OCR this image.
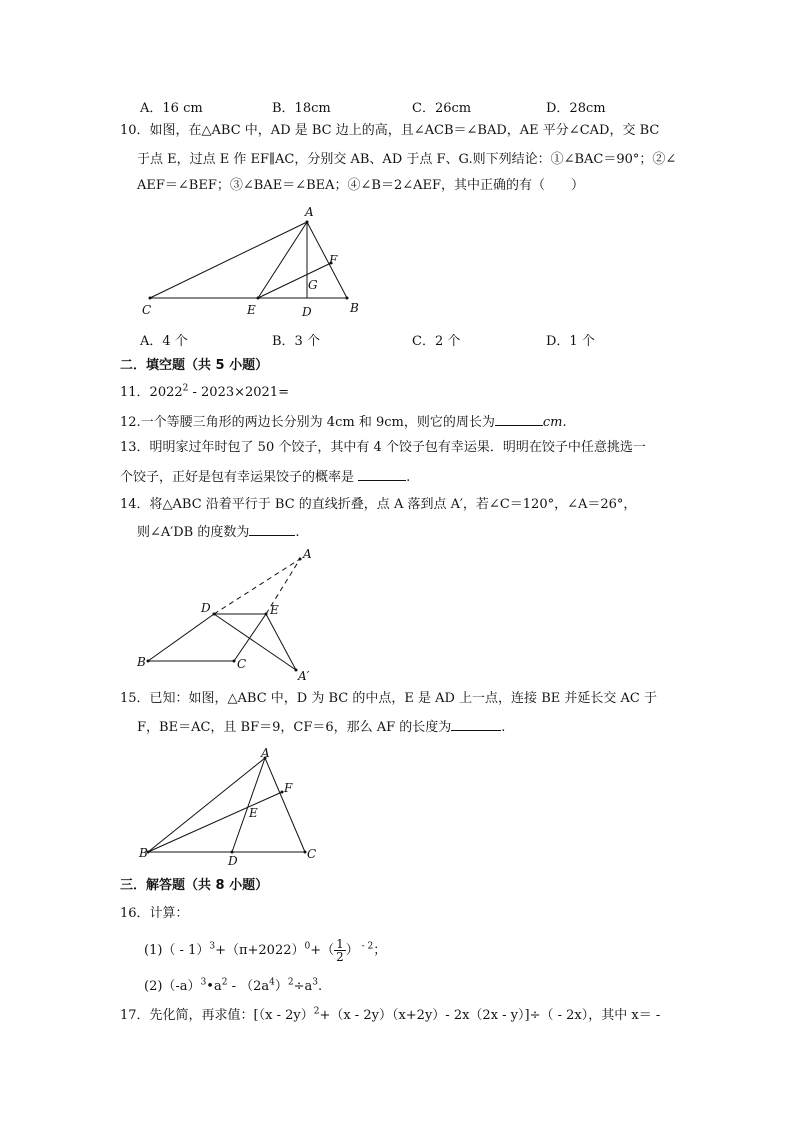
A．16 cm	B．18cm	C．26cm	D．28cm
10．如图，在△ABC 中，AD 是 BC 边上的高，且∠ACB＝∠BAD，AE 平分∠CAD，交 BC
于点 E，过点 E 作 EF∥AC，分别交 AB、AD 于点 F、G.则下列结论：①∠BAC＝90°；②∠
AEF＝∠BEF；③∠BAE＝∠BEA；④∠B＝2∠AEF，其中正确的有（　　）
A
F
G
C	E	D	B
A．4 个	B．3 个	C．2 个	D．1 个
二．填空题（共 5 小题）
11．2022$^2$ - 2023×2021=
12.一个等腰三角形的两边长分别为 4cm 和 9cm，则它的周长为	cm.
13．明明家过年时包了 50 个饺子，其中有 4 个饺子包有幸运果．明明在饺子中任意挑选一
个饺子，正好是包有幸运果饺子的概率是	.
14．将△ABC 沿着平行于 BC 的直线折叠，点 A 落到点 A′，若∠C＝120°，∠A＝26°，
则∠A′DB 的度数为	.
A
D	E
B	C
A′
15．已知：如图，△ABC 中，D 为 BC 的中点，E 是 AD 上一点，连接 BE 并延长交 AC 于
F，BE＝AC，且 BF＝9，CF＝6，那么 AF 的长度为	.
A
F
E
B
D	C
三．解答题（共 8 小题）
16．计算：
$(1)( - 1)^3+(\pi+2022)^0+( \frac{1}{2}$ ） $^{- 2}$；
$(2)(-a)^3•a^2 - (2a^4)^2\div a^3$.
17．先化简，再求值：[（x - 2y）$^2$+（x - 2y）（x+2y）- 2x（2x - y）]÷（ - 2x），其中 x＝ -
